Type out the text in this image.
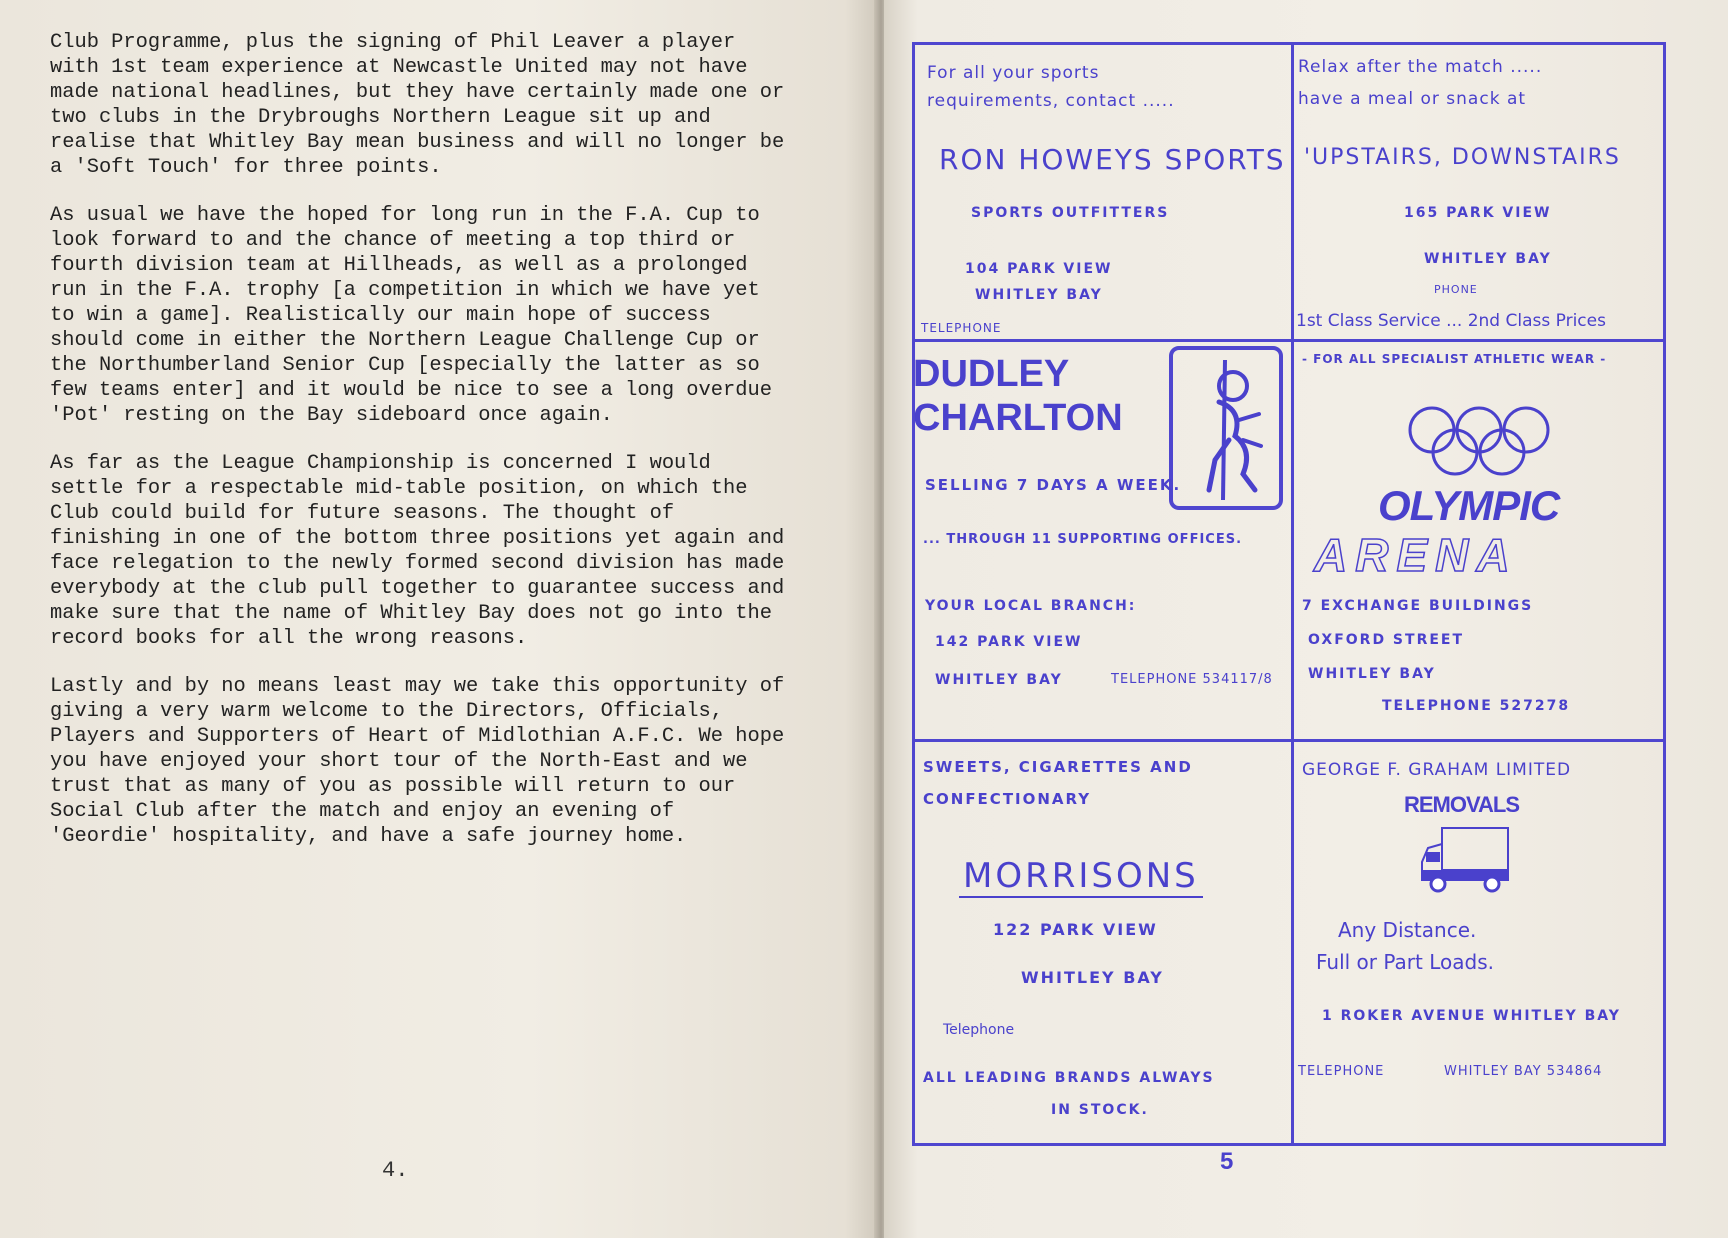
Club Programme, plus the signing of Phil Leaver a player with 1st team experience at Newcastle United may not have made national headlines, but they have certainly made one or two clubs in the Drybroughs Northern League sit up and realise that Whitley Bay mean business and will no longer be a 'Soft Touch' for three points.

As usual we have the hoped for long run in the F.A. Cup to look forward to and the chance of meeting a top third or fourth division team at Hillheads, as well as a prolonged run in the F.A. trophy [a competition in which we have yet to win a game]. Realistically our main hope of success should come in either the Northern League Challenge Cup or the Northumberland Senior Cup [especially the latter as so few teams enter] and it would be nice to see a long overdue 'Pot' resting on the Bay sideboard once again.

As far as the League Championship is concerned I would settle for a respectable mid-table position, on which the Club could build for future seasons. The thought of finishing in one of the bottom three positions yet again and face relegation to the newly formed second division has made everybody at the club pull together to guarantee success and make sure that the name of Whitley Bay does not go into the record books for all the wrong reasons.

Lastly and by no means least may we take this opportunity of giving a very warm welcome to the Directors, Officials, Players and Supporters of Heart of Midlothian A.F.C. We hope you have enjoyed your short tour of the North-East and we trust that as many of you as possible will return to our Social Club after the match and enjoy an evening of 'Geordie' hospitality, and have a safe journey home.

4.
For all your sports
requirements, contact .....
RON HOWEYS SPORTS
SPORTS OUTFITTERS
104 PARK VIEW
WHITLEY BAY
TELEPHONE
Relax after the match .....
have a meal or snack at
'UPSTAIRS, DOWNSTAIRS
165 PARK VIEW
WHITLEY BAY
PHONE
1st Class Service ... 2nd Class Prices
DUDLEY
CHARLTON
SELLING 7 DAYS A WEEK.
... THROUGH 11 SUPPORTING OFFICES.
YOUR LOCAL BRANCH:
142 PARK VIEW
WHITLEY BAY	TELEPHONE 534117/8
- FOR ALL SPECIALIST ATHLETIC WEAR -
OLYMPIC
ARENA
7 EXCHANGE BUILDINGS
OXFORD STREET
WHITLEY BAY
TELEPHONE 527278
SWEETS, CIGARETTES AND
CONFECTIONARY
MORRISONS
122 PARK VIEW
WHITLEY BAY
Telephone
ALL LEADING BRANDS ALWAYS
IN STOCK.
GEORGE F. GRAHAM LIMITED
REMOVALS
Any Distance.
Full or Part Loads.
1 ROKER AVENUE WHITLEY BAY
TELEPHONE	WHITLEY BAY 534864
5
